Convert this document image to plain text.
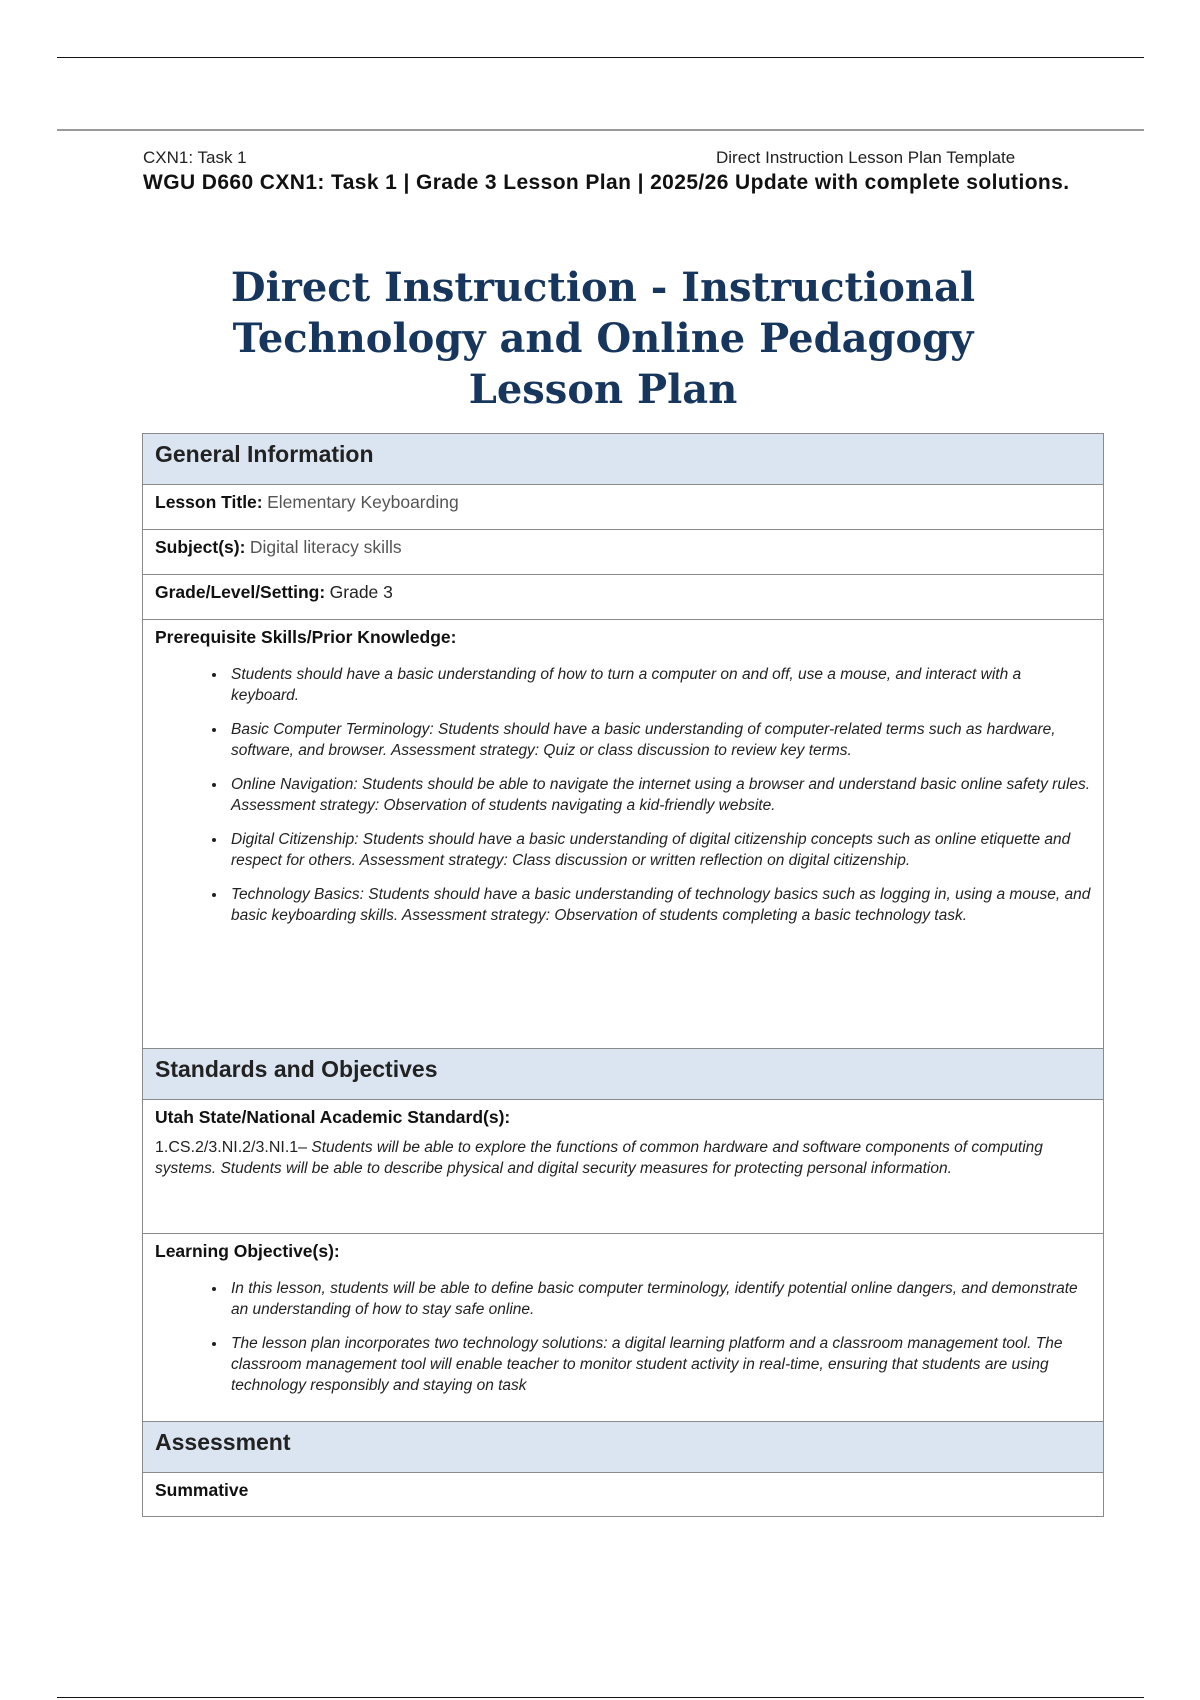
CXN1: Task 1	Direct Instruction Lesson Plan Template
WGU D660 CXN1: Task 1 | Grade 3 Lesson Plan | 2025/26 Update with complete solutions.
Direct Instruction - Instructional
Technology and Online Pedagogy
Lesson Plan
General Information

Lesson Title: Elementary Keyboarding

Subject(s): Digital literacy skills

Grade/Level/Setting: Grade 3

Prerequisite Skills/Prior Knowledge:
• Students should have a basic understanding of how to turn a computer on and off, use a mouse, and interact with a keyboard.
• Basic Computer Terminology: Students should have a basic understanding of computer-related terms such as hardware, software, and browser. Assessment strategy: Quiz or class discussion to review key terms.
• Online Navigation: Students should be able to navigate the internet using a browser and understand basic online safety rules. Assessment strategy: Observation of students navigating a kid-friendly website.
• Digital Citizenship: Students should have a basic understanding of digital citizenship concepts such as online etiquette and respect for others. Assessment strategy: Class discussion or written reflection on digital citizenship.
• Technology Basics: Students should have a basic understanding of technology basics such as logging in, using a mouse, and basic keyboarding skills. Assessment strategy: Observation of students completing a basic technology task.

Standards and Objectives

Utah State/National Academic Standard(s):
1.CS.2/3.NI.2/3.NI.1– Students will be able to explore the functions of common hardware and software components of computing systems. Students will be able to describe physical and digital security measures for protecting personal information.

Learning Objective(s):
• In this lesson, students will be able to define basic computer terminology, identify potential online dangers, and demonstrate an understanding of how to stay safe online.
• The lesson plan incorporates two technology solutions: a digital learning platform and a classroom management tool. The classroom management tool will enable teacher to monitor student activity in real-time, ensuring that students are using technology responsibly and staying on task

Assessment

Summative
